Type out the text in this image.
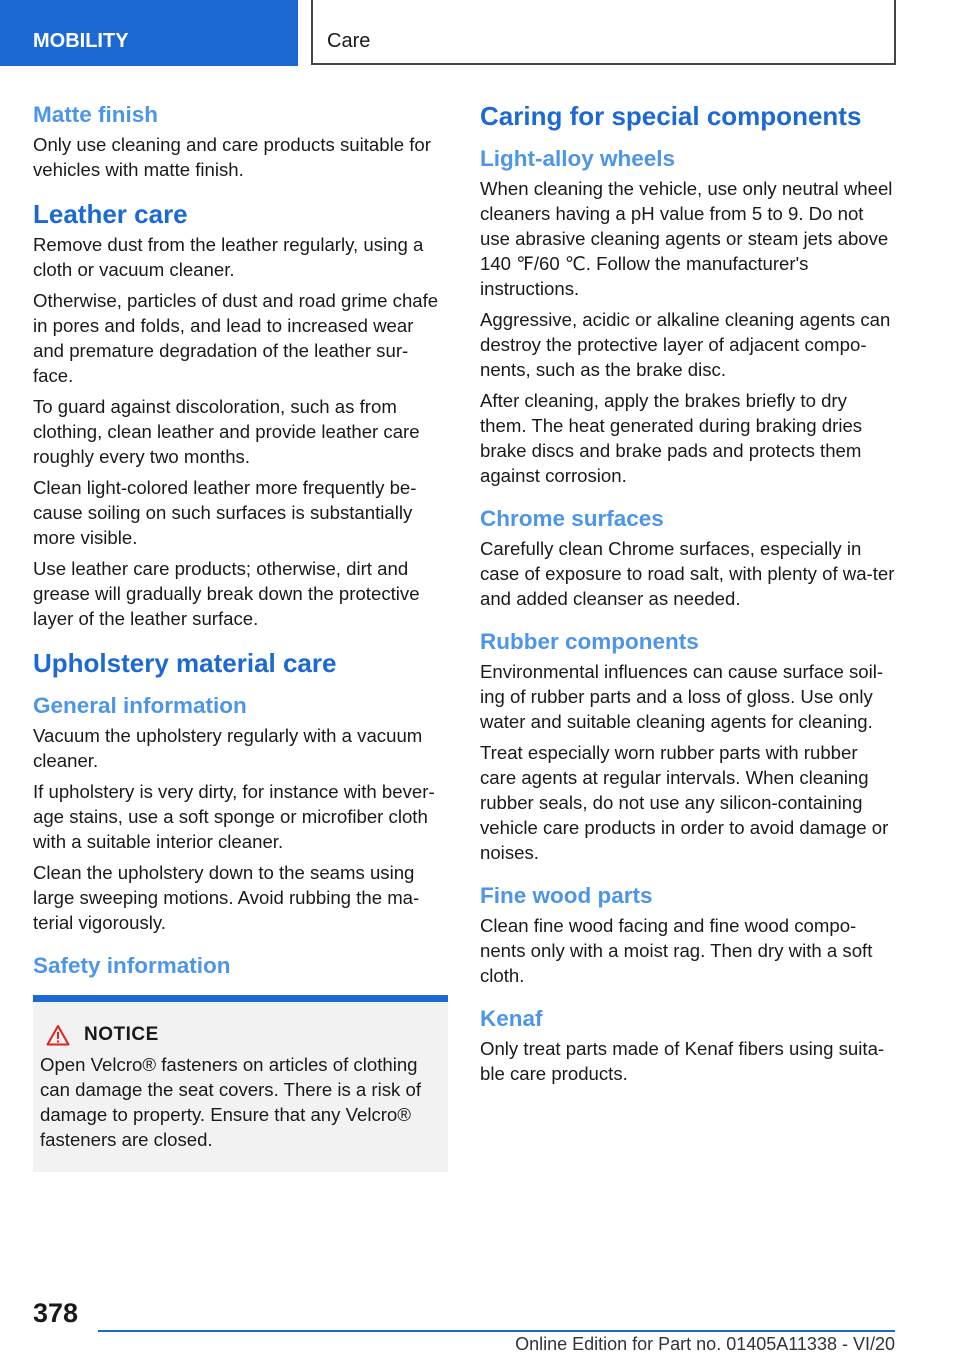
MOBILITY	Care
Matte finish

Only use cleaning and care products suitable for vehicles with matte finish.

Leather care

Remove dust from the leather regularly, using a cloth or vacuum cleaner.

Otherwise, particles of dust and road grime chafe in pores and folds, and lead to increased wear and premature degradation of the leather sur‐face.

To guard against discoloration, such as from clothing, clean leather and provide leather care roughly every two months.

Clean light-colored leather more frequently be‐cause soiling on such surfaces is substantially more visible.

Use leather care products; otherwise, dirt and grease will gradually break down the protective layer of the leather surface.

Upholstery material care
General information

Vacuum the upholstery regularly with a vacuum cleaner.

If upholstery is very dirty, for instance with bever‐age stains, use a soft sponge or microfiber cloth with a suitable interior cleaner.

Clean the upholstery down to the seams using large sweeping motions. Avoid rubbing the ma‐terial vigorously.

Safety information
NOTICE

Open Velcro® fasteners on articles of clothing can damage the seat covers. There is a risk of damage to property. Ensure that any Velcro® fasteners are closed.

Caring for special components
Light-alloy wheels

When cleaning the vehicle, use only neutral wheel cleaners having a pH value from 5 to 9. Do not use abrasive cleaning agents or steam jets above 140 ℉/60 ℃. Follow the manufacturer's instructions.

Aggressive, acidic or alkaline cleaning agents can destroy the protective layer of adjacent compo‐nents, such as the brake disc.

After cleaning, apply the brakes briefly to dry them. The heat generated during braking dries brake discs and brake pads and protects them against corrosion.

Chrome surfaces

Carefully clean Chrome surfaces, especially in case of exposure to road salt, with plenty of wa‐ter and added cleanser as needed.

Rubber components

Environmental influences can cause surface soil‐ing of rubber parts and a loss of gloss. Use only water and suitable cleaning agents for cleaning.

Treat especially worn rubber parts with rubber care agents at regular intervals. When cleaning rubber seals, do not use any silicon-containing vehicle care products in order to avoid damage or noises.

Fine wood parts

Clean fine wood facing and fine wood compo‐nents only with a moist rag. Then dry with a soft cloth.

Kenaf

Only treat parts made of Kenaf fibers using suita‐ble care products.

378
Online Edition for Part no. 01405A11338 - VI/20
